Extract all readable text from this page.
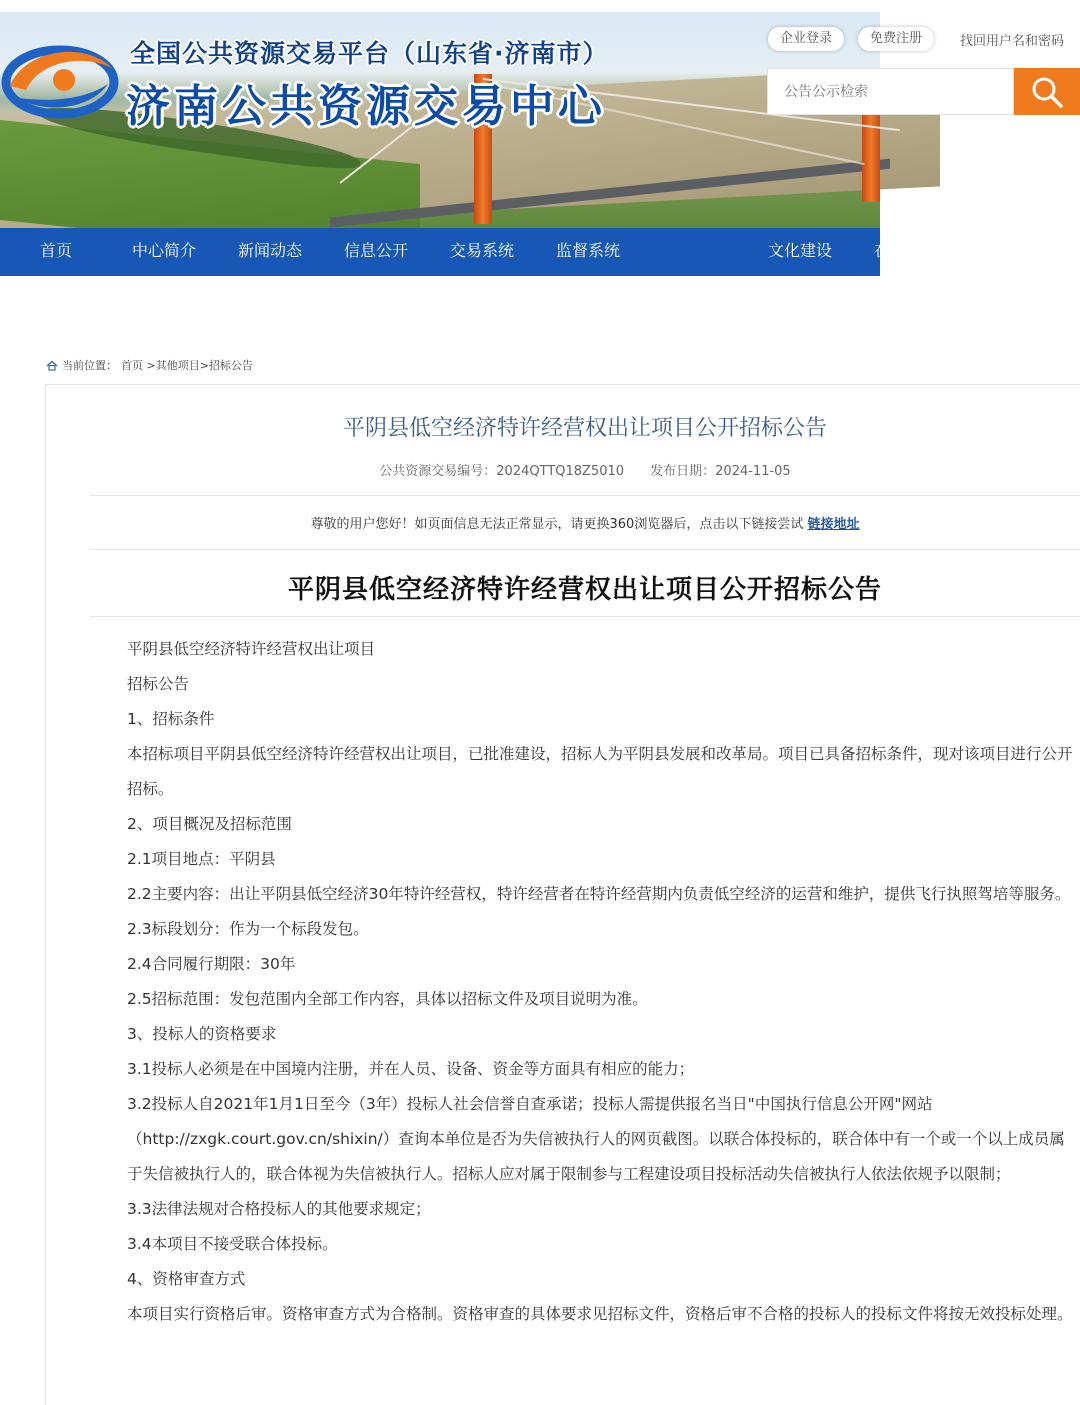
全国公共资源交易平台（山东省·济南市）
济南公共资源交易中心
企业登录	免费注册	找回用户名和密码
公告公示检索
首页	中心简介	新闻动态	信息公开	交易系统	监督系统	文化建设	在
当前位置： 首页 >其他项目>招标公告
平阴县低空经济特许经营权出让项目公开招标公告
公共资源交易编号：2024QTTQ18Z5010 发布日期：2024-11-05
尊敬的用户您好！如页面信息无法正常显示，请更换360浏览器后，点击以下链接尝试 链接地址
平阴县低空经济特许经营权出让项目公开招标公告

平阴县低空经济特许经营权出让项目

招标公告

1、招标条件

本招标项目平阴县低空经济特许经营权出让项目，已批准建设，招标人为平阴县发展和改革局。项目已具备招标条件，现对该项目进行公开招标。

2、项目概况及招标范围

2.1项目地点：平阴县

2.2主要内容：出让平阴县低空经济30年特许经营权，特许经营者在特许经营期内负责低空经济的运营和维护，提供飞行执照驾培等服务。

2.3标段划分：作为一个标段发包。

2.4合同履行期限：30年

2.5招标范围：发包范围内全部工作内容，具体以招标文件及项目说明为准。

3、投标人的资格要求

3.1投标人必须是在中国境内注册，并在人员、设备、资金等方面具有相应的能力；

3.2投标人自2021年1月1日至今（3年）投标人社会信誉自查承诺；投标人需提供报名当日"中国执行信息公开网"网站（http://zxgk.court.gov.cn/shixin/）查询本单位是否为失信被执行人的网页截图。以联合体投标的，联合体中有一个或一个以上成员属于失信被执行人的，联合体视为失信被执行人。招标人应对属于限制参与工程建设项目投标活动失信被执行人依法依规予以限制；

3.3法律法规对合格投标人的其他要求规定；

3.4本项目不接受联合体投标。

4、资格审查方式

本项目实行资格后审。资格审查方式为合格制。资格审查的具体要求见招标文件，资格后审不合格的投标人的投标文件将按无效投标处理。
